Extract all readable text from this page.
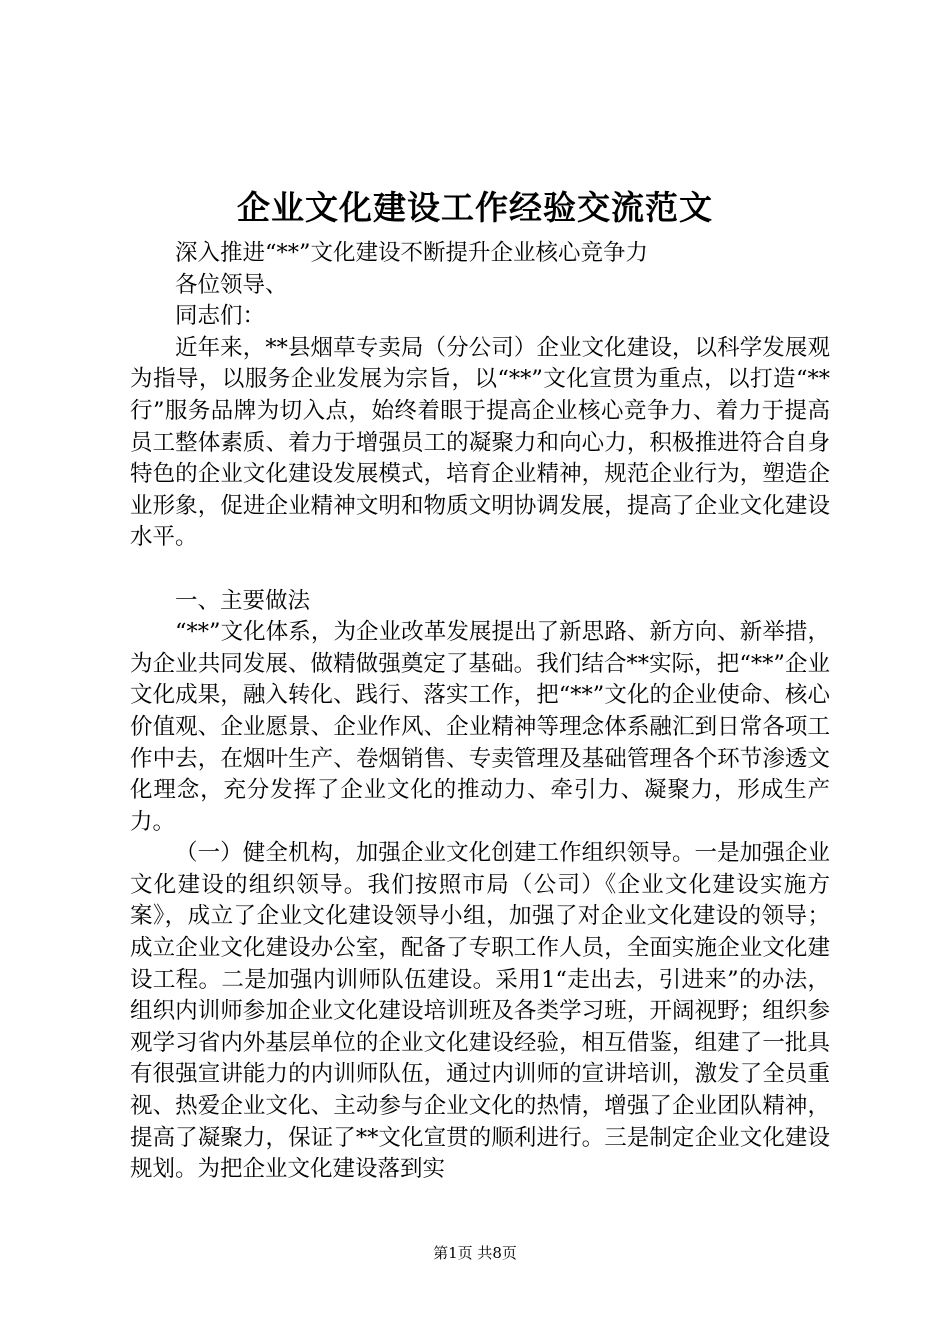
企业文化建设工作经验交流范文

深入推进“**”文化建设不断提升企业核心竞争力

各位领导、

同志们：

近年来，**县烟草专卖局（分公司）企业文化建设，以科学发展观为指导，以服务企业发展为宗旨，以“**”文化宣贯为重点，以打造“**行”服务品牌为切入点，始终着眼于提高企业核心竞争力、着力于提高员工整体素质、着力于增强员工的凝聚力和向心力，积极推进符合自身特色的企业文化建设发展模式，培育企业精神，规范企业行为，塑造企业形象，促进企业精神文明和物质文明协调发展，提高了企业文化建设水平。

一、主要做法

“**”文化体系，为企业改革发展提出了新思路、新方向、新举措，为企业共同发展、做精做强奠定了基础。我们结合**实际，把“**”企业文化成果，融入转化、践行、落实工作，把“**”文化的企业使命、核心价值观、企业愿景、企业作风、企业精神等理念体系融汇到日常各项工作中去，在烟叶生产、卷烟销售、专卖管理及基础管理各个环节渗透文化理念，充分发挥了企业文化的推动力、牵引力、凝聚力，形成生产力。

（一）健全机构，加强企业文化创建工作组织领导。一是加强企业文化建设的组织领导。我们按照市局（公司）《企业文化建设实施方案》，成立了企业文化建设领导小组，加强了对企业文化建设的领导；成立企业文化建设办公室，配备了专职工作人员，全面实施企业文化建设工程。二是加强内训师队伍建设。采用1“走出去，引进来”的办法，组织内训师参加企业文化建设培训班及各类学习班，开阔视野；组织参观学习省内外基层单位的企业文化建设经验，相互借鉴，组建了一批具有很强宣讲能力的内训师队伍，通过内训师的宣讲培训，激发了全员重视、热爱企业文化、主动参与企业文化的热情，增强了企业团队精神，提高了凝聚力，保证了**文化宣贯的顺利进行。三是制定企业文化建设规划。为把企业文化建设落到实

第1页 共8页
